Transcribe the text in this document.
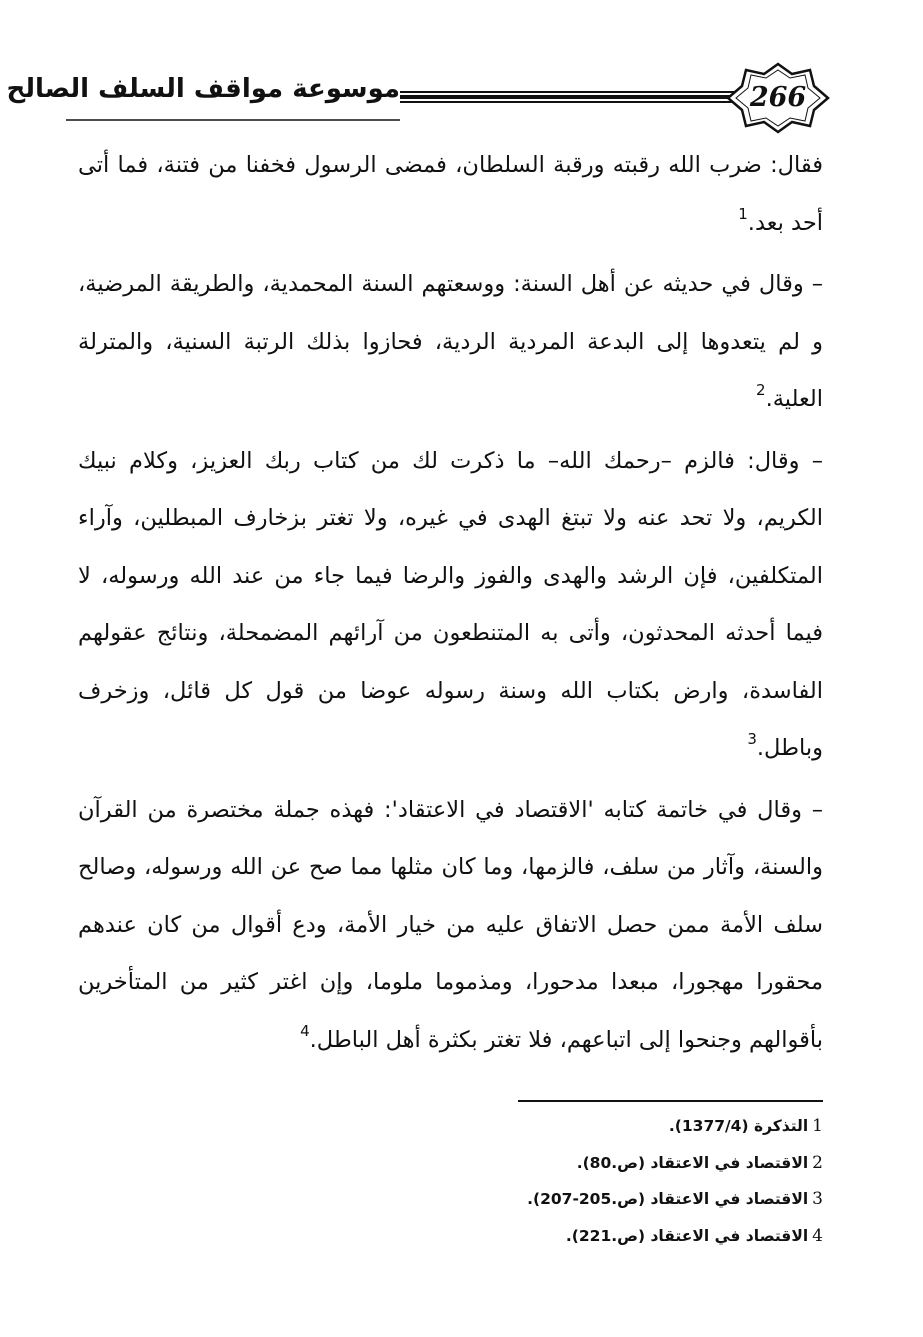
266
موسوعة مواقف السلف الصالح

فقال: ضرب الله رقبته ورقبة السلطان، فمضى الرسول فخفنا من فتنة، فما أتى أحد بعد.$^1$

– وقال في حديثه عن أهل السنة: ووسعتهم السنة المحمدية، والطريقة المرضية، و لم يتعدوها إلى البدعة المردية الردية، فحازوا بذلك الرتبة السنية، والمترلة العلية.$^2$

– وقال: فالزم –رحمك الله– ما ذكرت لك من كتاب ربك العزيز، وكلام نبيك الكريم، ولا تحد عنه ولا تبتغ الهدى في غيره، ولا تغتر بزخارف المبطلين، وآراء المتكلفين، فإن الرشد والهدى والفوز والرضا فيما جاء من عند الله ورسوله، لا فيما أحدثه المحدثون، وأتى به المتنطعون من آرائهم المضمحلة، ونتائج عقولهم الفاسدة، وارض بكتاب الله وسنة رسوله عوضا من قول كل قائل، وزخرف وباطل.$^3$

– وقال في خاتمة كتابه 'الاقتصاد في الاعتقاد': فهذه جملة مختصرة من القرآن والسنة، وآثار من سلف، فالزمها، وما كان مثلها مما صح عن الله ورسوله، وصالح سلف الأمة ممن حصل الاتفاق عليه من خيار الأمة، ودع أقوال من كان عندهم محقورا مهجورا، مبعدا مدحورا، ومذموما ملوما، وإن اغتر كثير من المتأخرين بأقوالهم وجنحوا إلى اتباعهم، فلا تغتر بكثرة أهل الباطل.$^4$

1التذكرة (1377/4).
2الاقتصاد في الاعتقاد (ص.80).
3الاقتصاد في الاعتقاد (ص.205-207).
4الاقتصاد في الاعتقاد (ص.221).
